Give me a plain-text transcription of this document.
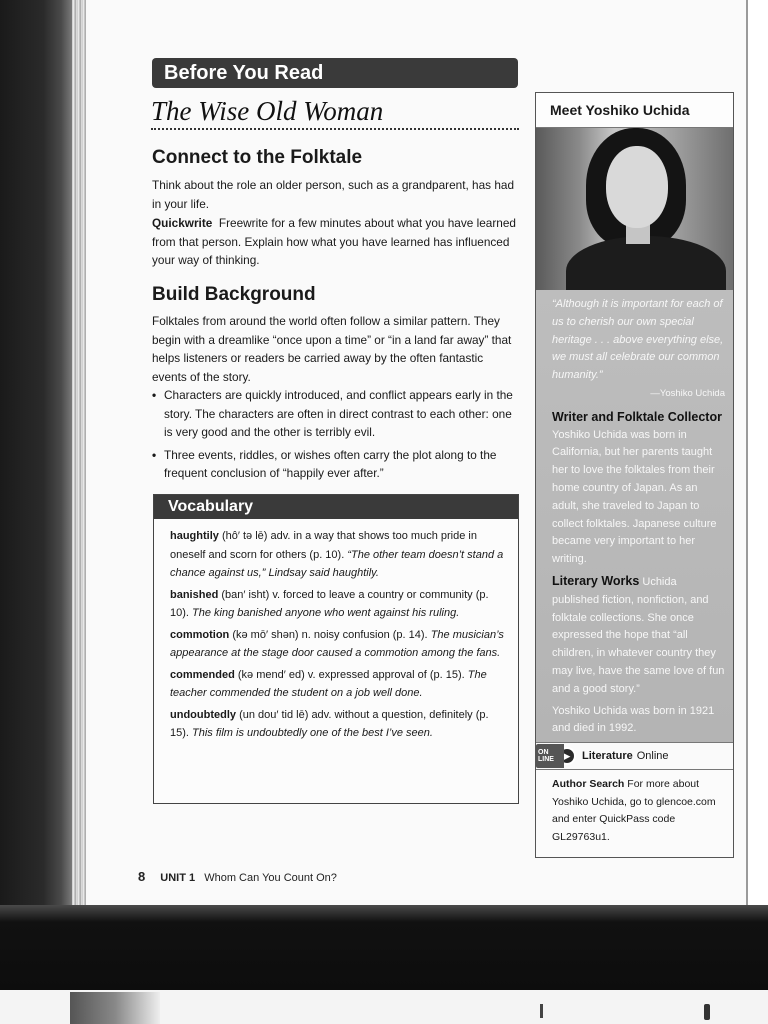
Before You Read
The Wise Old Woman
Connect to the Folktale
Think about the role an older person, such as a grandparent, has had in your life.
Quickwrite Freewrite for a few minutes about what you have learned from that person. Explain how what you have learned has influenced your way of thinking.
Build Background
Folktales from around the world often follow a similar pattern. They begin with a dreamlike “once upon a time” or “in a land far away” that helps listeners or readers be carried away by the often fantastic events of the story.
• Characters are quickly introduced, and conflict appears early in the story. The characters are often in direct contrast to each other: one is very good and the other is terribly evil.
• Three events, riddles, or wishes often carry the plot along to the frequent conclusion of “happily ever after.”
Vocabulary
haughtily (hô′ tə lē) adv. in a way that shows too much pride in oneself and scorn for others (p. 10). “The other team doesn’t stand a chance against us,” Lindsay said haughtily.
banished (ban′ isht) v. forced to leave a country or community (p. 10). The king banished anyone who went against his ruling.
commotion (kə mō′ shən) n. noisy confusion (p. 14). The musician’s appearance at the stage door caused a commotion among the fans.
commended (kə mend′ ed) v. expressed approval of (p. 15). The teacher commended the student on a job well done.
undoubtedly (un dou′ tid lē) adv. without a question, definitely (p. 15). This film is undoubtedly one of the best I’ve seen.
8 UNIT 1 Whom Can You Count On?
Meet Yoshiko Uchida
“Although it is important for each of us to cherish our own special heritage . . . above everything else, we must all celebrate our common humanity.”
—Yoshiko Uchida
Writer and Folktale Collector
Yoshiko Uchida was born in California, but her parents taught her to love the folktales from their home country of Japan. As an adult, she traveled to Japan to collect folktales. Japanese culture became very important to her writing.
Literary Works Uchida published fiction, nonfiction, and folktale collections. She once expressed the hope that “all children, in whatever country they may live, have the same love of fun and a good story.”
Yoshiko Uchida was born in 1921 and died in 1992.
ON LINE	▶	Literature Online
Author Search For more about Yoshiko Uchida, go to glencoe.com and enter QuickPass code GL29763u1.
